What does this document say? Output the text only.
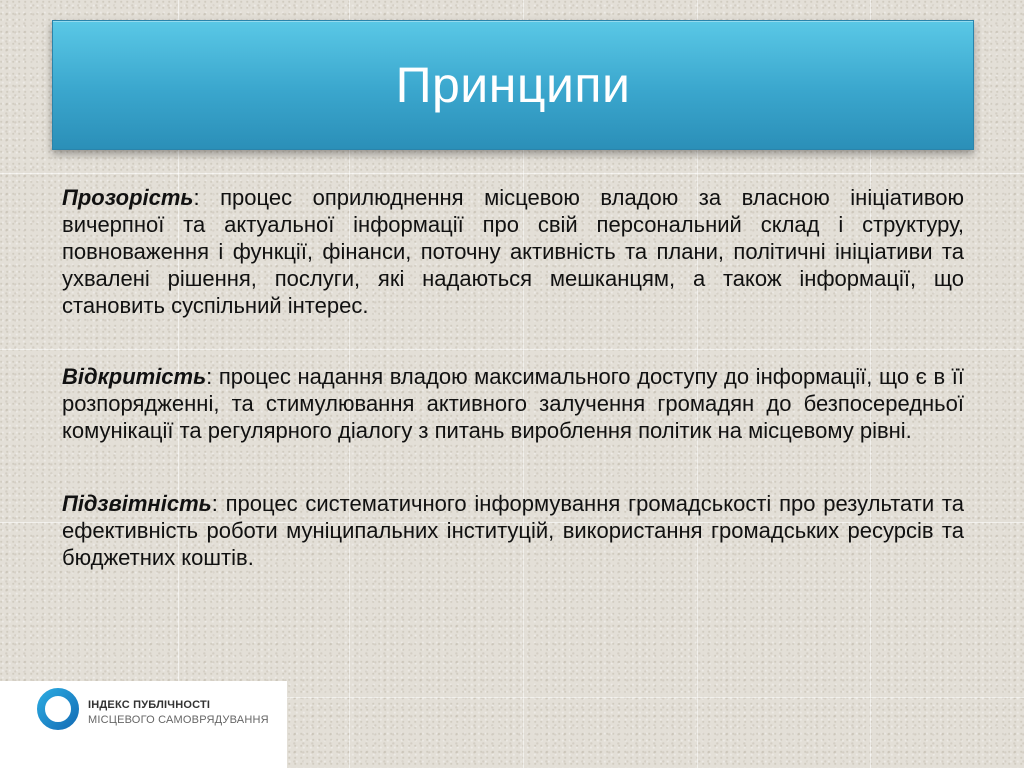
Принципи

Прозорість: процес оприлюднення місцевою владою за власною ініціативою вичерпної та актуальної інформації про свій персональний склад і структуру, повноваження і функції, фінанси, поточну активність та плани, політичні ініціативи та ухвалені рішення, послуги, які надаються мешканцям, а також інформації, що становить суспільний інтерес.

Відкритість: процес надання владою максимального доступу до інформації, що є в її розпорядженні, та стимулювання активного залучення громадян до безпосередньої комунікації та регулярного діалогу з питань вироблення політик на місцевому рівні.

Підзвітність: процес систематичного інформування громадськості про результати та ефективність роботи муніципальних інституцій, використання громадських ресурсів та бюджетних коштів.

ІНДЕКС ПУБЛІЧНОСТІ
МІСЦЕВОГО САМОВРЯДУВАННЯ
